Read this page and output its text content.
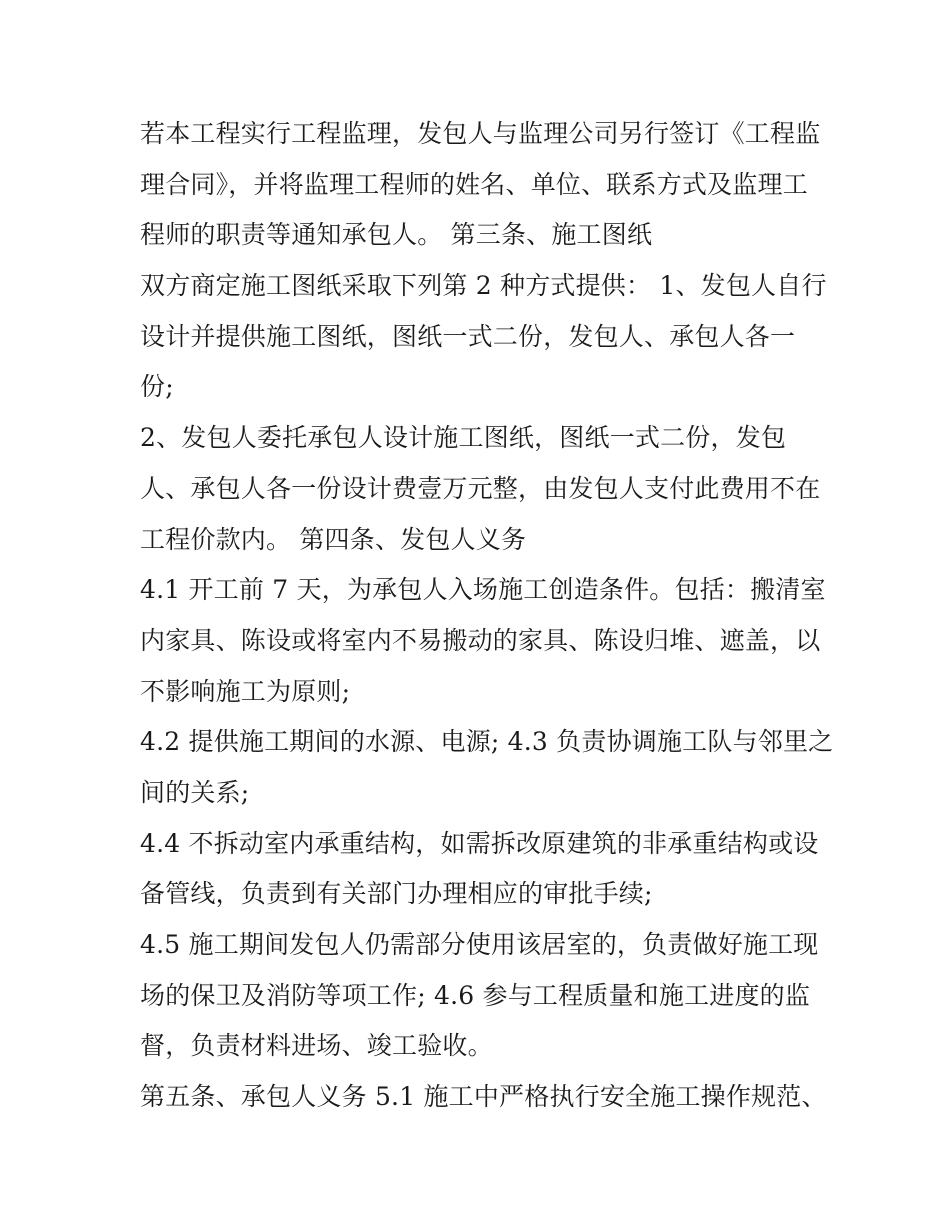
若本工程实行工程监理，发包人与监理公司另行签订《工程监
理合同》，并将监理工程师的姓名、单位、联系方式及监理工
程师的职责等通知承包人。 第三条、施工图纸
双方商定施工图纸采取下列第 2 种方式提供： 1、发包人自行
设计并提供施工图纸，图纸一式二份，发包人、承包人各一
份;
2、发包人委托承包人设计施工图纸，图纸一式二份，发包
人、承包人各一份设计费壹万元整，由发包人支付此费用不在
工程价款内。 第四条、发包人义务
4.1 开工前 7 天，为承包人入场施工创造条件。包括：搬清室
内家具、陈设或将室内不易搬动的家具、陈设归堆、遮盖，以
不影响施工为原则;
4.2 提供施工期间的水源、电源; 4.3 负责协调施工队与邻里之
间的关系;
4.4 不拆动室内承重结构，如需拆改原建筑的非承重结构或设
备管线，负责到有关部门办理相应的审批手续;
4.5 施工期间发包人仍需部分使用该居室的，负责做好施工现
场的保卫及消防等项工作; 4.6 参与工程质量和施工进度的监
督，负责材料进场、竣工验收。
第五条、承包人义务 5.1 施工中严格执行安全施工操作规范、
